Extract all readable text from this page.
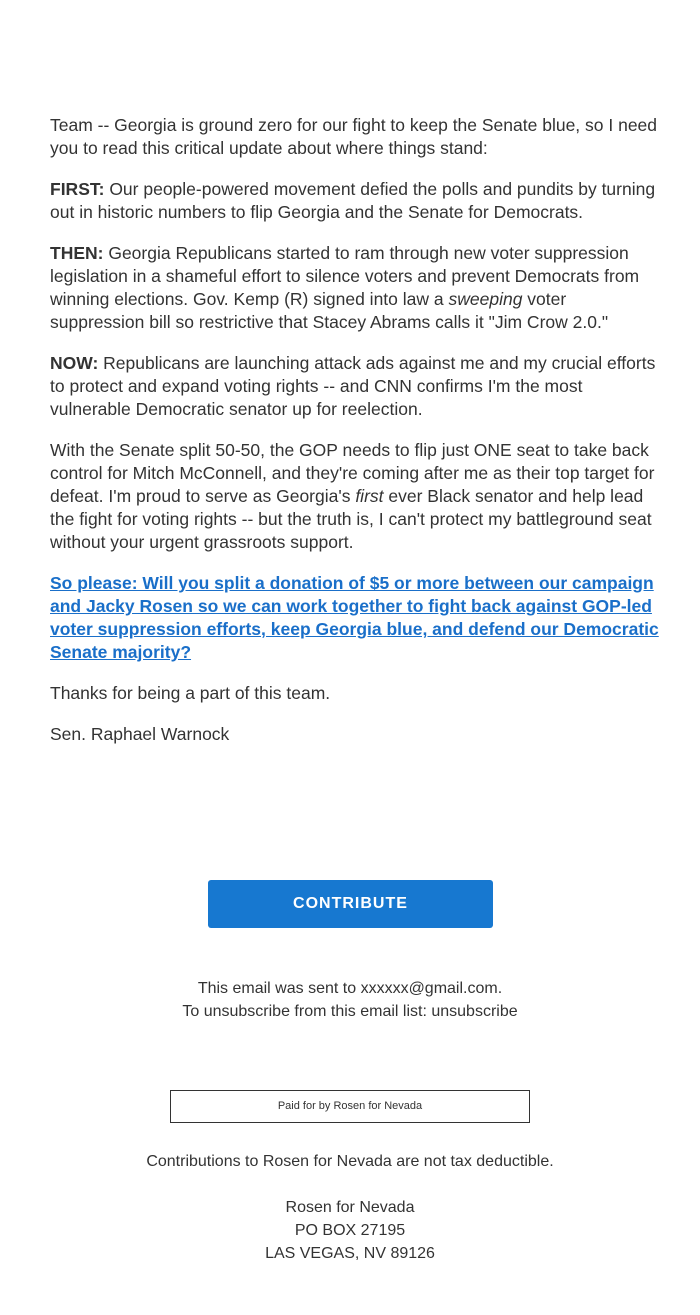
Team -- Georgia is ground zero for our fight to keep the Senate blue, so I need you to read this critical update about where things stand:

FIRST: Our people-powered movement defied the polls and pundits by turning out in historic numbers to flip Georgia and the Senate for Democrats.

THEN: Georgia Republicans started to ram through new voter suppression legislation in a shameful effort to silence voters and prevent Democrats from winning elections. Gov. Kemp (R) signed into law a sweeping voter suppression bill so restrictive that Stacey Abrams calls it "Jim Crow 2.0."

NOW: Republicans are launching attack ads against me and my crucial efforts to protect and expand voting rights -- and CNN confirms I'm the most vulnerable Democratic senator up for reelection.

With the Senate split 50-50, the GOP needs to flip just ONE seat to take back control for Mitch McConnell, and they're coming after me as their top target for defeat. I'm proud to serve as Georgia's first ever Black senator and help lead the fight for voting rights -- but the truth is, I can't protect my battleground seat without your urgent grassroots support.

So please: Will you split a donation of $5 or more between our campaign and Jacky Rosen so we can work together to fight back against GOP-led voter suppression efforts, keep Georgia blue, and defend our Democratic Senate majority?

Thanks for being a part of this team.

Sen. Raphael Warnock

CONTRIBUTE
This email was sent to xxxxxx@gmail.com.
To unsubscribe from this email list: unsubscribe
Paid for by Rosen for Nevada
Contributions to Rosen for Nevada are not tax deductible.
Rosen for Nevada
PO BOX 27195
LAS VEGAS, NV 89126
